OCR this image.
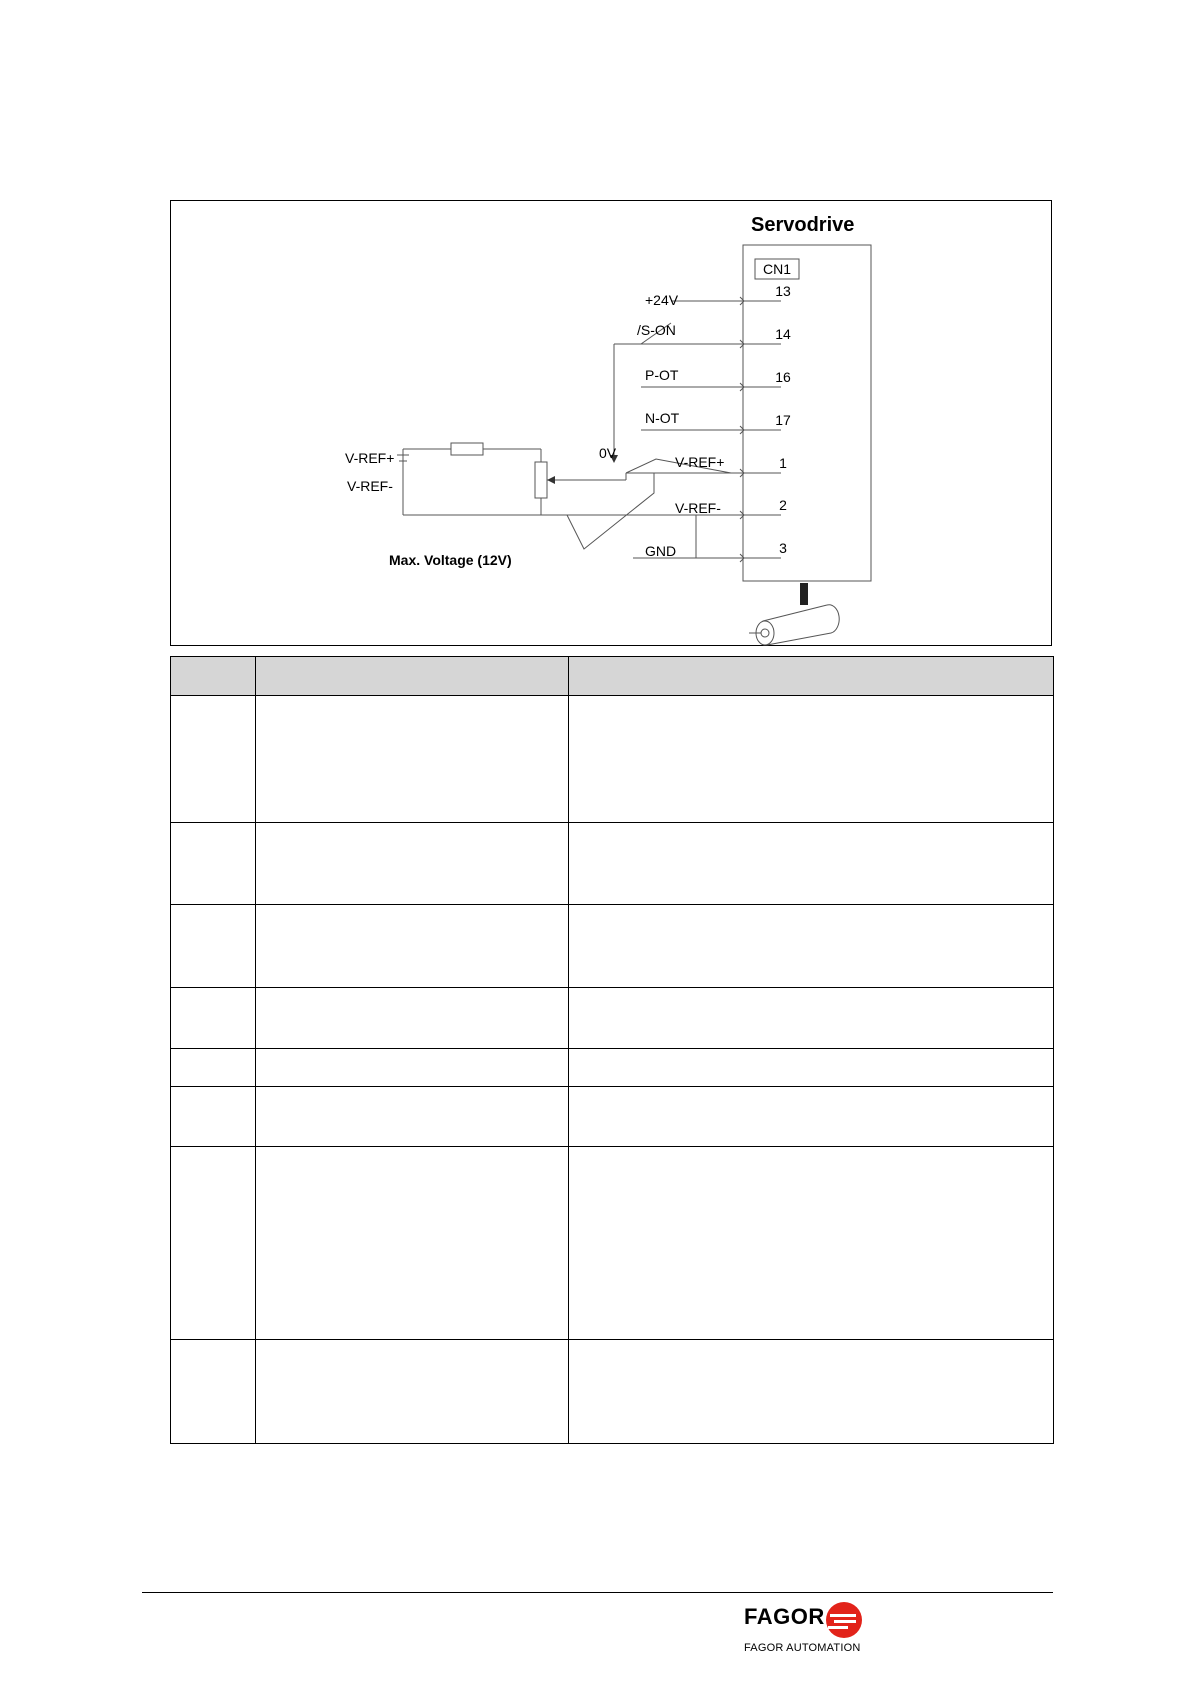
Servodrive
CN1
13
14
16
17
1
2
3
+24V
/S-ON
P-OT
N-OT
V-REF+
V-REF-
GND
0V
V-REF+
V-REF-
Max. Voltage (12V)

FAGOR
FAGOR AUTOMATION
